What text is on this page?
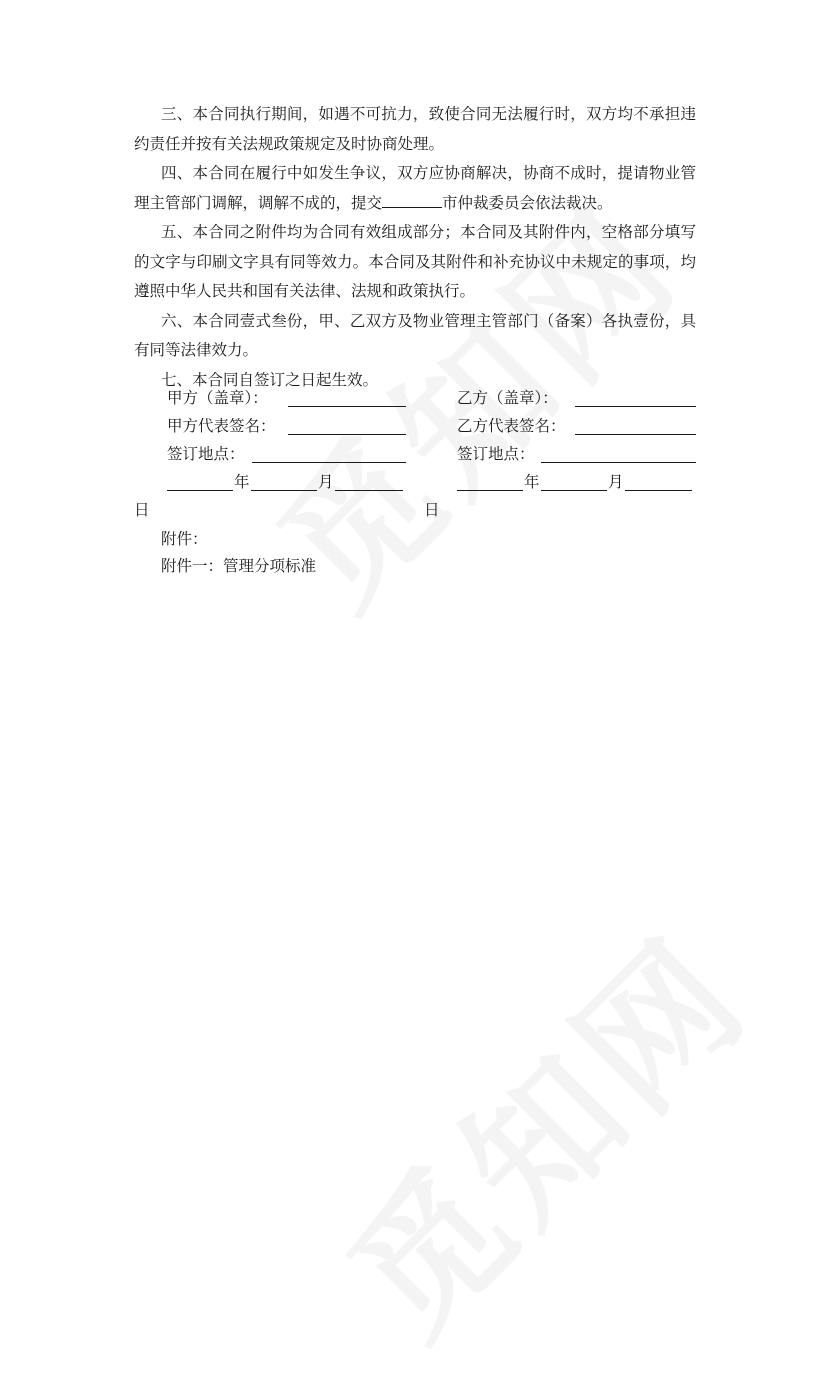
三、本合同执行期间，如遇不可抗力，致使合同无法履行时，双方均不承担违约责任并按有关法规政策规定及时协商处理。

四、本合同在履行中如发生争议，双方应协商解决，协商不成时，提请物业管理主管部门调解，调解不成的，提交	市仲裁委员会依法裁决。

五、本合同之附件均为合同有效组成部分；本合同及其附件内，空格部分填写的文字与印刷文字具有同等效力。本合同及其附件和补充协议中未规定的事项，均遵照中华人民共和国有关法律、法规和政策执行。

六、本合同壹式叁份，甲、乙双方及物业管理主管部门（备案）各执壹份，具有同等法律效力。

七、本合同自签订之日起生效。

甲方（盖章）：
甲方代表签名：
签订地点：
年	月
日
乙方（盖章）：
乙方代表签名：
签订地点：
年	月
日
附件：
附件一：管理分项标准
